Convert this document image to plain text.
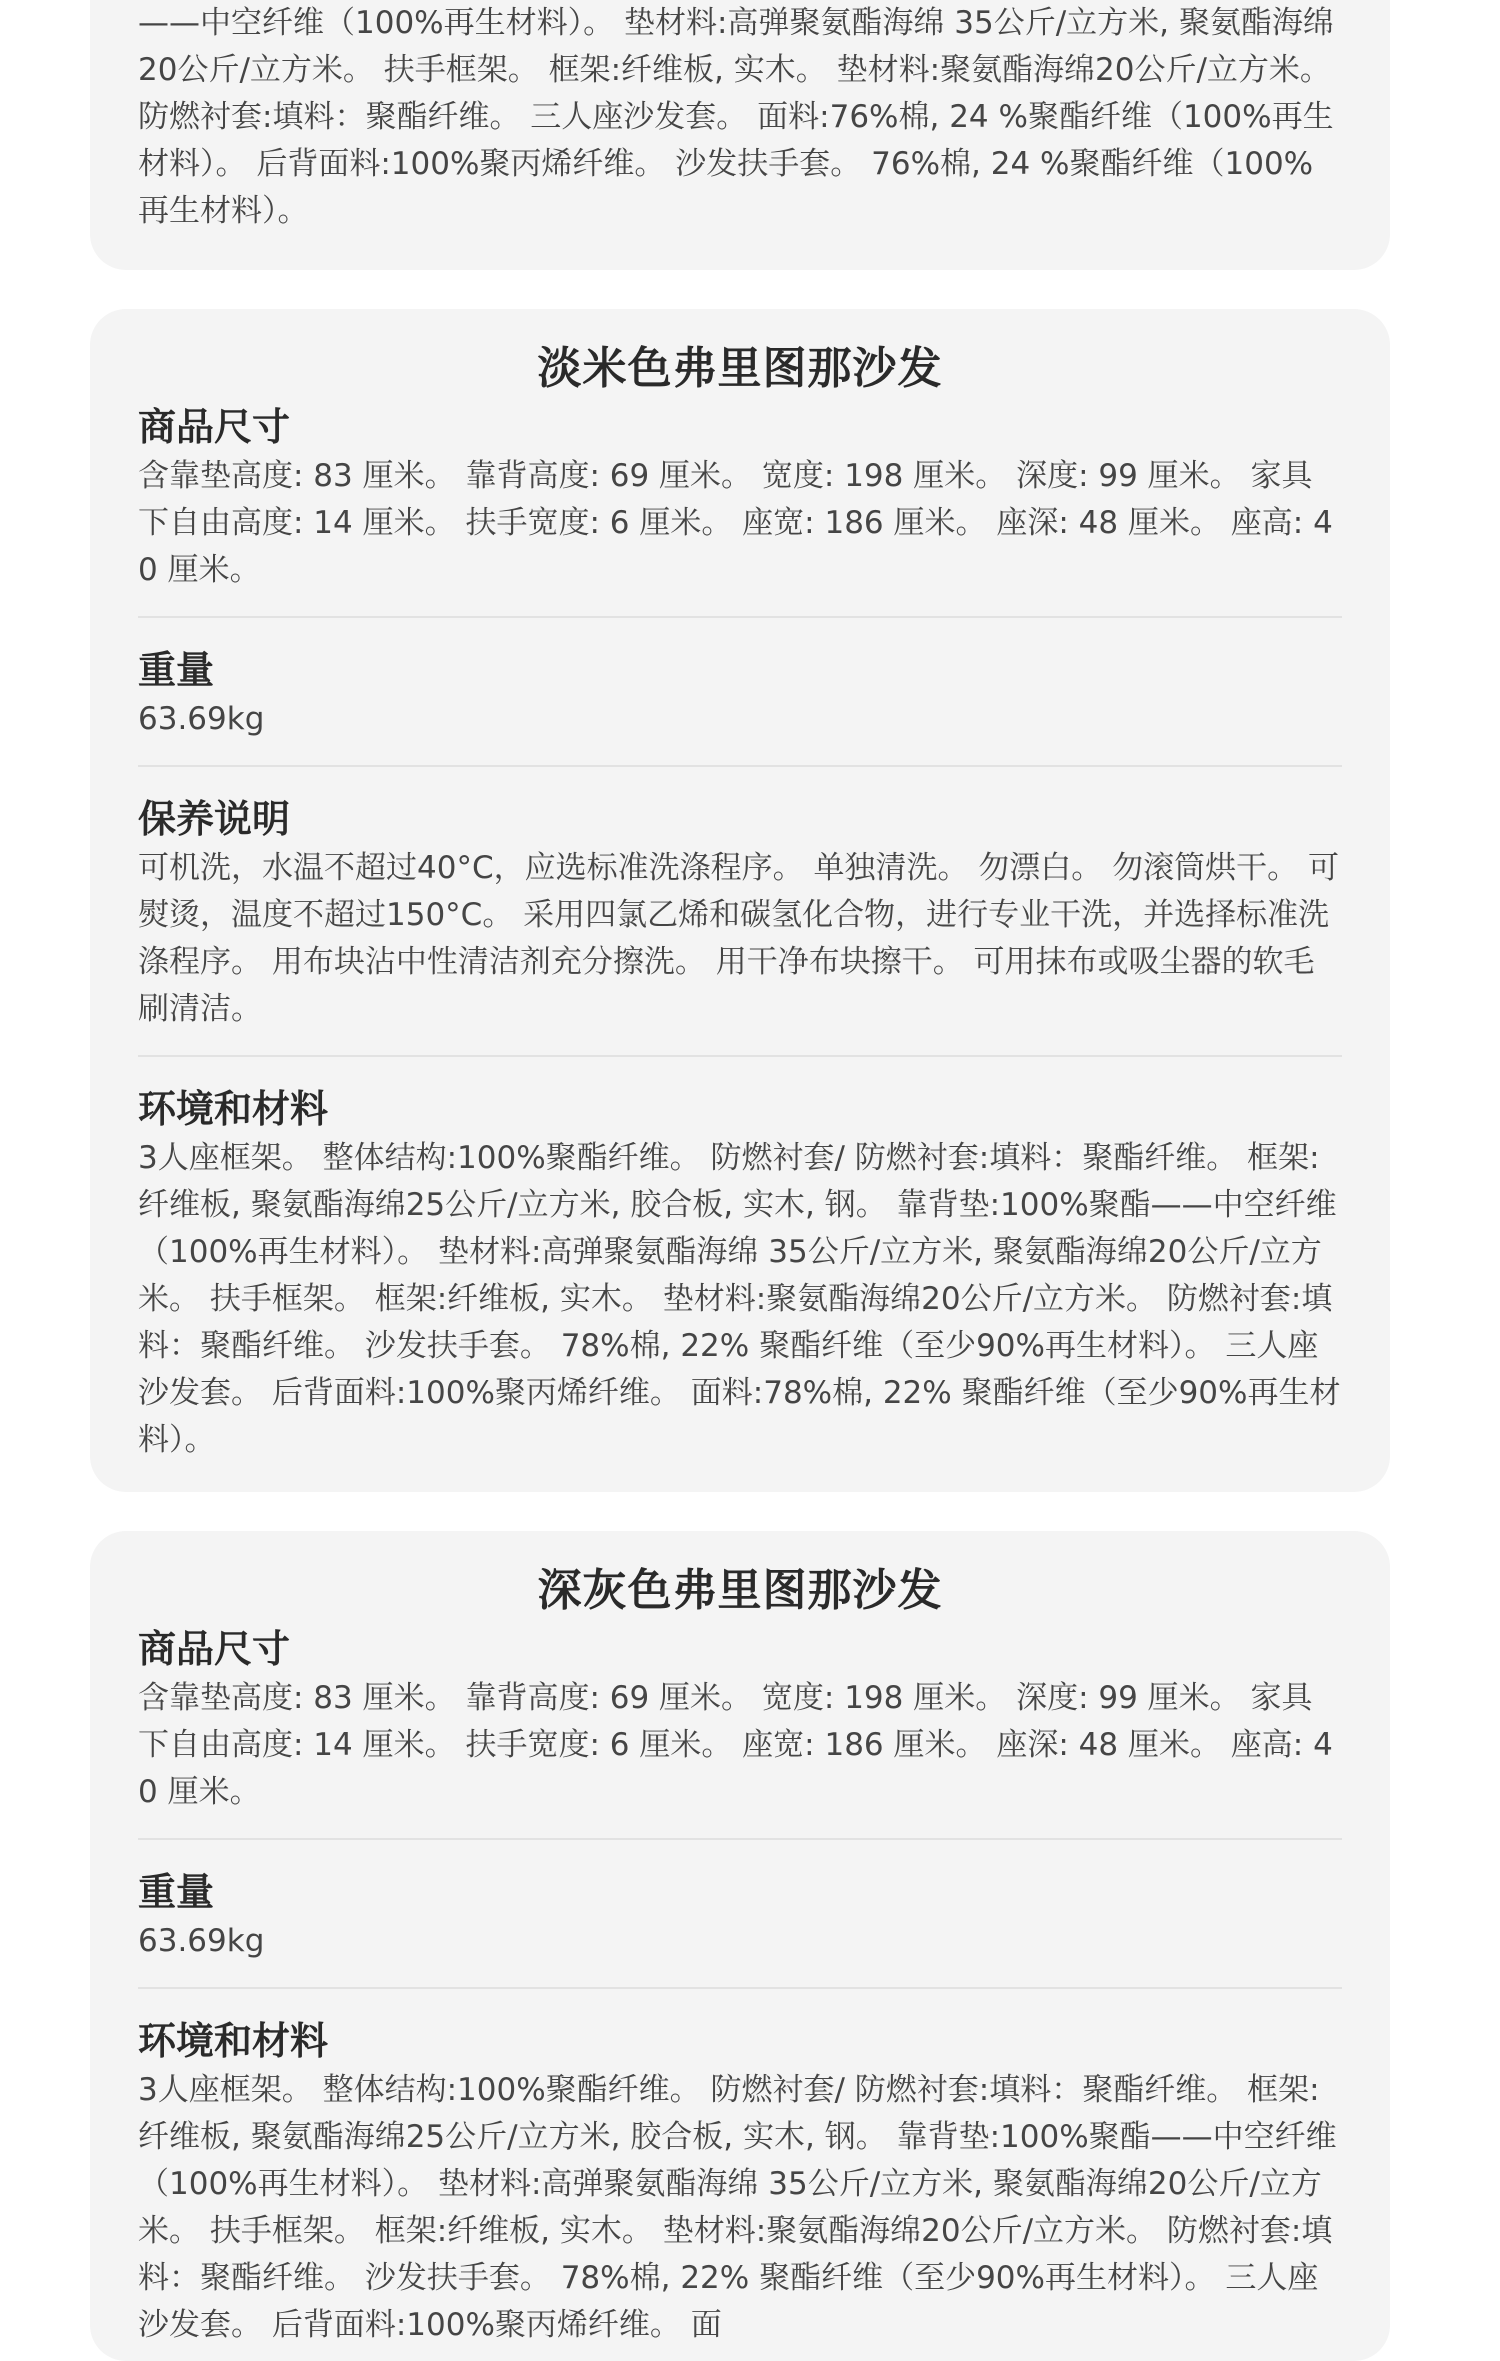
——中空纤维（100%再生材料）。 垫材料:高弹聚氨酯海绵 35公斤/立方米, 聚氨酯海绵20公斤/立方米。 扶手框架。 框架:纤维板, 实木。 垫材料:聚氨酯海绵20公斤/立方米。 防燃衬套:填料：聚酯纤维。 三人座沙发套。 面料:76%棉, 24 %聚酯纤维（100%再生材料）。 后背面料:100%聚丙烯纤维。 沙发扶手套。 76%棉, 24 %聚酯纤维（100%再生材料）。

淡米色弗里图那沙发
商品尺寸

含靠垫高度: 83 厘米。 靠背高度: 69 厘米。 宽度: 198 厘米。 深度: 99 厘米。 家具下自由高度: 14 厘米。 扶手宽度: 6 厘米。 座宽: 186 厘米。 座深: 48 厘米。 座高: 40 厘米。

重量

63.69kg

保养说明

可机洗，水温不超过40°C，应选标准洗涤程序。 单独清洗。 勿漂白。 勿滚筒烘干。 可熨烫，温度不超过150°C。 采用四氯乙烯和碳氢化合物，进行专业干洗，并选择标准洗涤程序。 用布块沾中性清洁剂充分擦洗。 用干净布块擦干。 可用抹布或吸尘器的软毛刷清洁。

环境和材料

3人座框架。 整体结构:100%聚酯纤维。 防燃衬套/ 防燃衬套:填料：聚酯纤维。 框架:纤维板, 聚氨酯海绵25公斤/立方米, 胶合板, 实木, 钢。 靠背垫:100%聚酯——中空纤维（100%再生材料）。 垫材料:高弹聚氨酯海绵 35公斤/立方米, 聚氨酯海绵20公斤/立方米。 扶手框架。 框架:纤维板, 实木。 垫材料:聚氨酯海绵20公斤/立方米。 防燃衬套:填料：聚酯纤维。 沙发扶手套。 78%棉, 22% 聚酯纤维（至少90%再生材料）。 三人座沙发套。 后背面料:100%聚丙烯纤维。 面料:78%棉, 22% 聚酯纤维（至少90%再生材料）。

深灰色弗里图那沙发
商品尺寸

含靠垫高度: 83 厘米。 靠背高度: 69 厘米。 宽度: 198 厘米。 深度: 99 厘米。 家具下自由高度: 14 厘米。 扶手宽度: 6 厘米。 座宽: 186 厘米。 座深: 48 厘米。 座高: 40 厘米。

重量

63.69kg

环境和材料

3人座框架。 整体结构:100%聚酯纤维。 防燃衬套/ 防燃衬套:填料：聚酯纤维。 框架:纤维板, 聚氨酯海绵25公斤/立方米, 胶合板, 实木, 钢。 靠背垫:100%聚酯——中空纤维（100%再生材料）。 垫材料:高弹聚氨酯海绵 35公斤/立方米, 聚氨酯海绵20公斤/立方米。 扶手框架。 框架:纤维板, 实木。 垫材料:聚氨酯海绵20公斤/立方米。 防燃衬套:填料：聚酯纤维。 沙发扶手套。 78%棉, 22% 聚酯纤维（至少90%再生材料）。 三人座沙发套。 后背面料:100%聚丙烯纤维。 面
